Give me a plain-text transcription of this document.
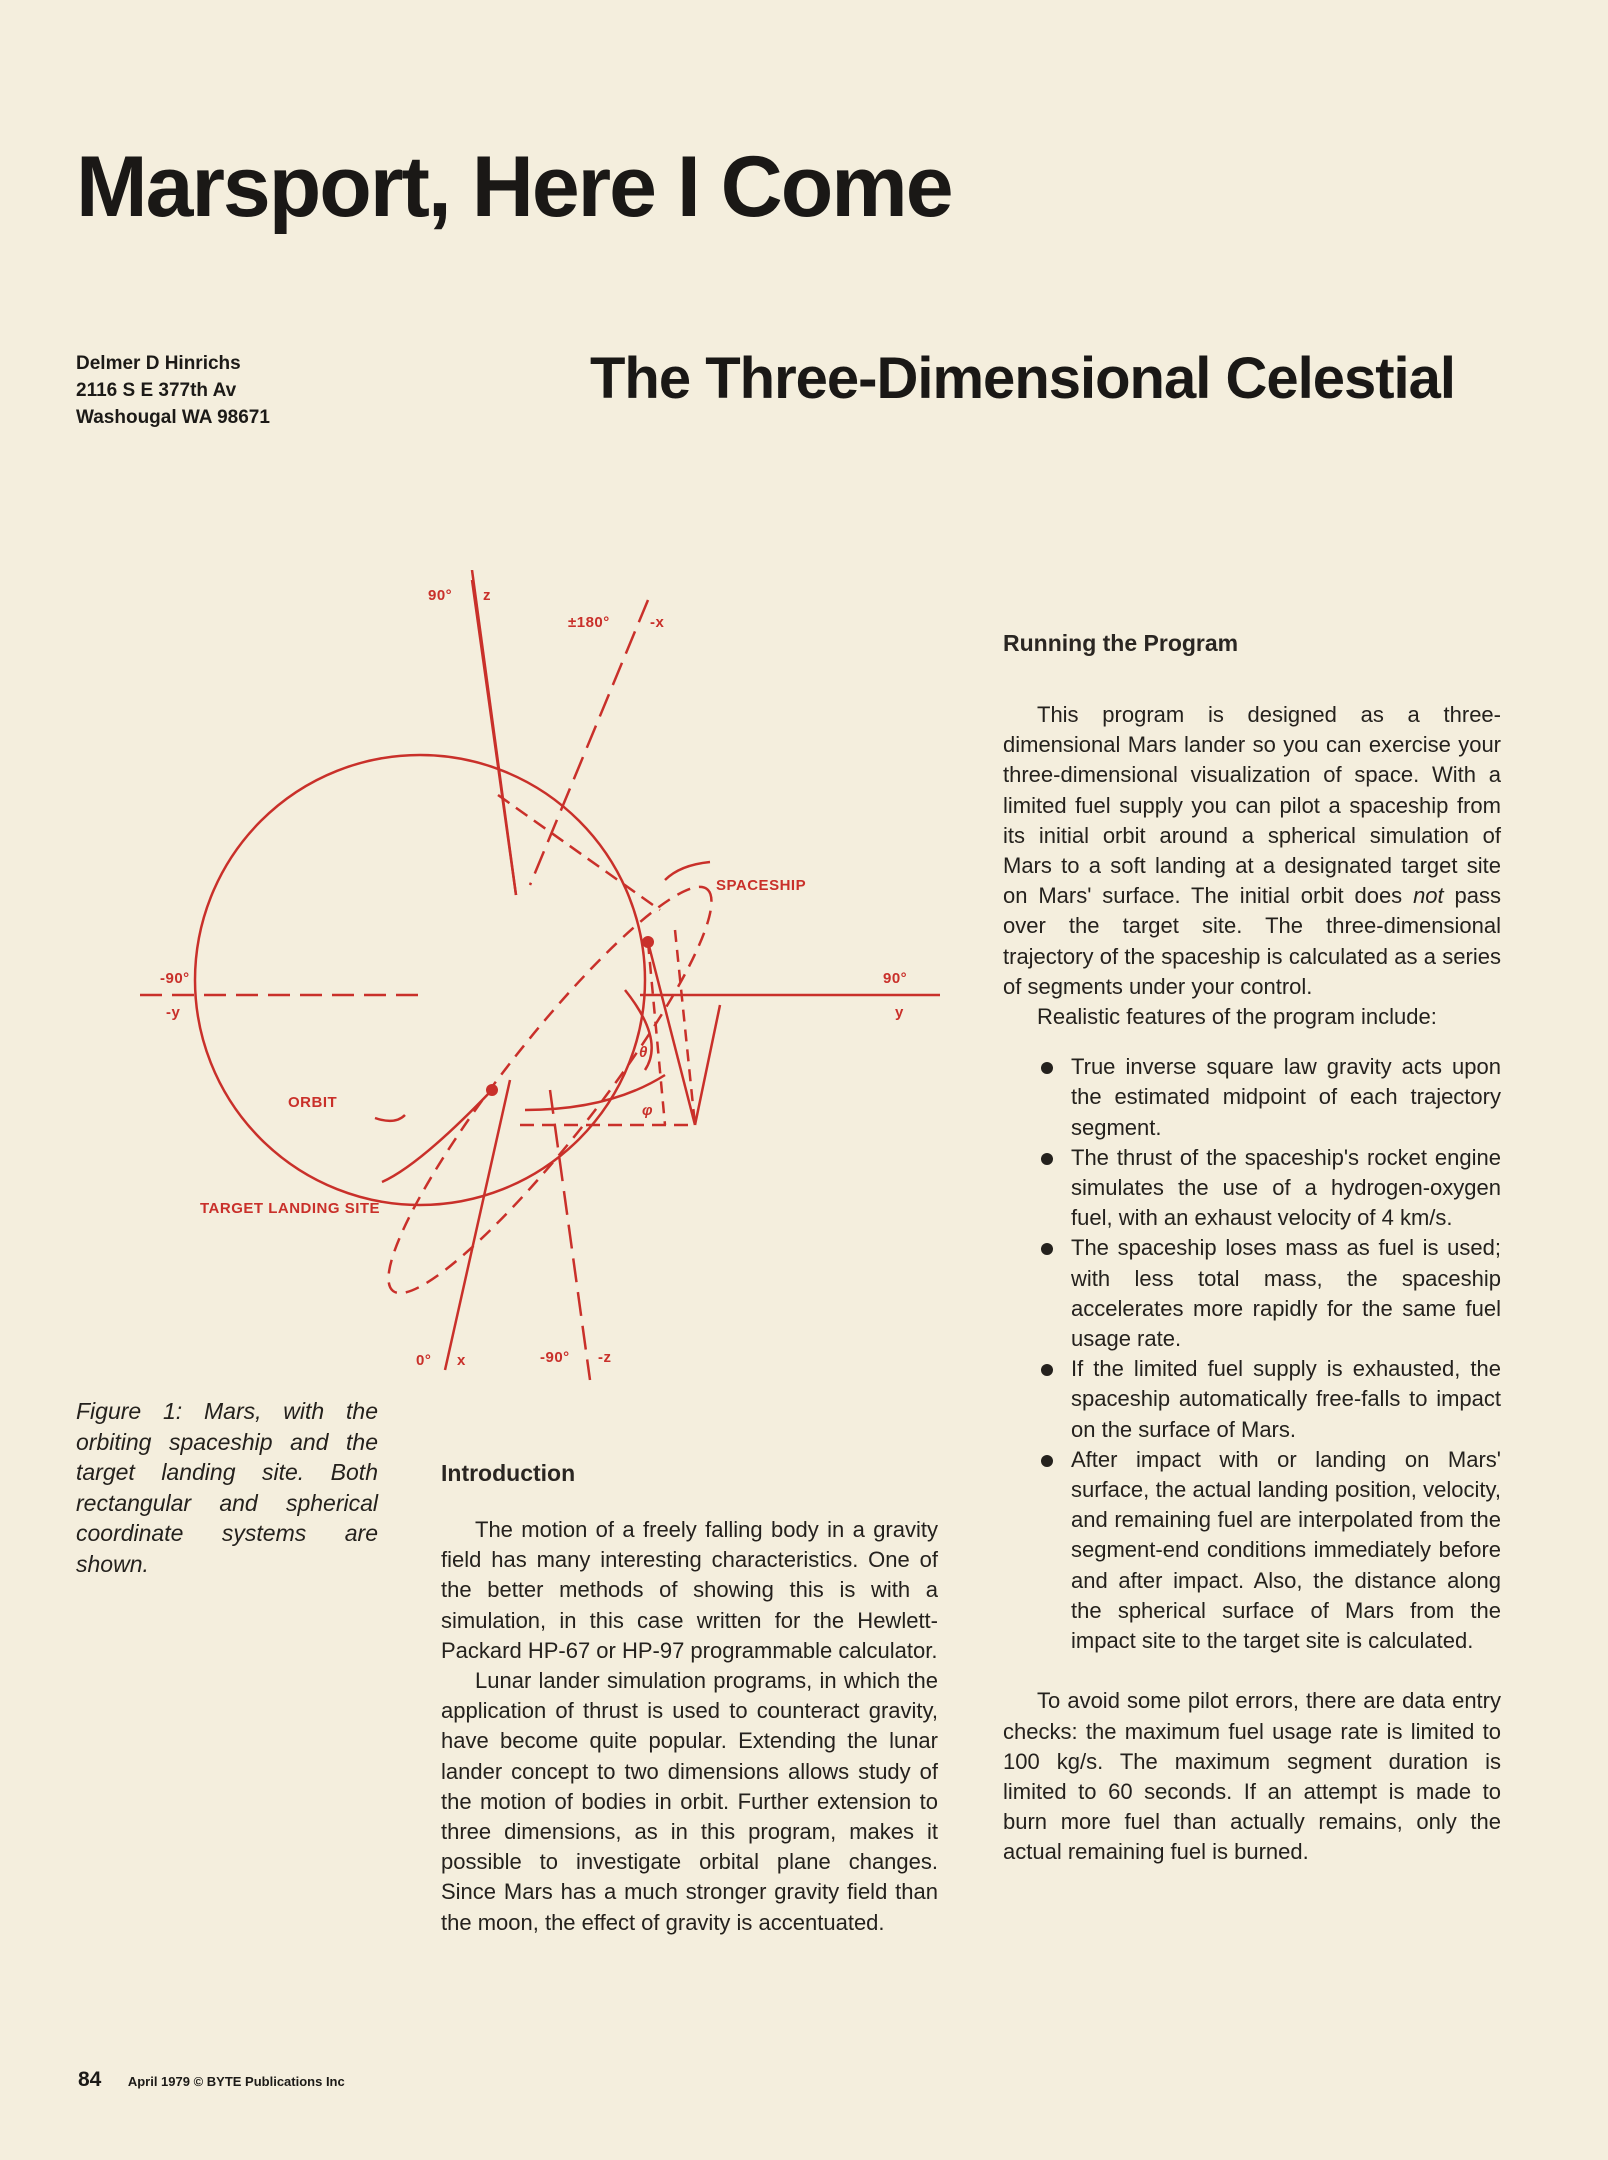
Marsport, Here I Come
Delmer D Hinrichs
2116 S E 377th Av
Washougal WA 98671
The Three-Dimensional Celestial
90° z
±180°	-x
-90°
-y
90°
y
0° x	-90° -z
SPACESHIP
ORBIT
TARGET LANDING SITE
θ
φ

Figure 1: Mars, with the orbiting spaceship and the target landing site. Both rectangular and spherical coordinate systems are shown.

Introduction

The motion of a freely falling body in a gravity field has many interesting characteristics. One of the better methods of showing this is with a simulation, in this case written for the Hewlett-Packard HP-67 or HP-97 programmable calculator.

Lunar lander simulation programs, in which the application of thrust is used to counteract gravity, have become quite popular. Extending the lunar lander concept to two dimensions allows study of the motion of bodies in orbit. Further extension to three dimensions, as in this program, makes it possible to investigate orbital plane changes. Since Mars has a much stronger gravity field than the moon, the effect of gravity is accentuated.

Running the Program

This program is designed as a three-dimensional Mars lander so you can exercise your three-dimensional visualization of space. With a limited fuel supply you can pilot a spaceship from its initial orbit around a spherical simulation of Mars to a soft landing at a designated target site on Mars' surface. The initial orbit does not pass over the target site. The three-dimensional trajectory of the spaceship is calculated as a series of segments under your control.

Realistic features of the program include:

True inverse square law gravity acts upon the estimated midpoint of each trajectory segment.
The thrust of the spaceship's rocket engine simulates the use of a hydrogen-oxygen fuel, with an exhaust velocity of 4 km/s.
The spaceship loses mass as fuel is used; with less total mass, the spaceship accelerates more rapidly for the same fuel usage rate.
If the limited fuel supply is exhausted, the spaceship automatically free-falls to impact on the surface of Mars.
After impact with or landing on Mars' surface, the actual landing position, velocity, and remaining fuel are interpolated from the segment-end conditions immediately before and after impact. Also, the distance along the spherical surface of Mars from the impact site to the target site is calculated.

To avoid some pilot errors, there are data entry checks: the maximum fuel usage rate is limited to 100 kg/s. The maximum segment duration is limited to 60 seconds. If an attempt is made to burn more fuel than actually remains, only the actual remaining fuel is burned.

84 April 1979 © BYTE Publications Inc
